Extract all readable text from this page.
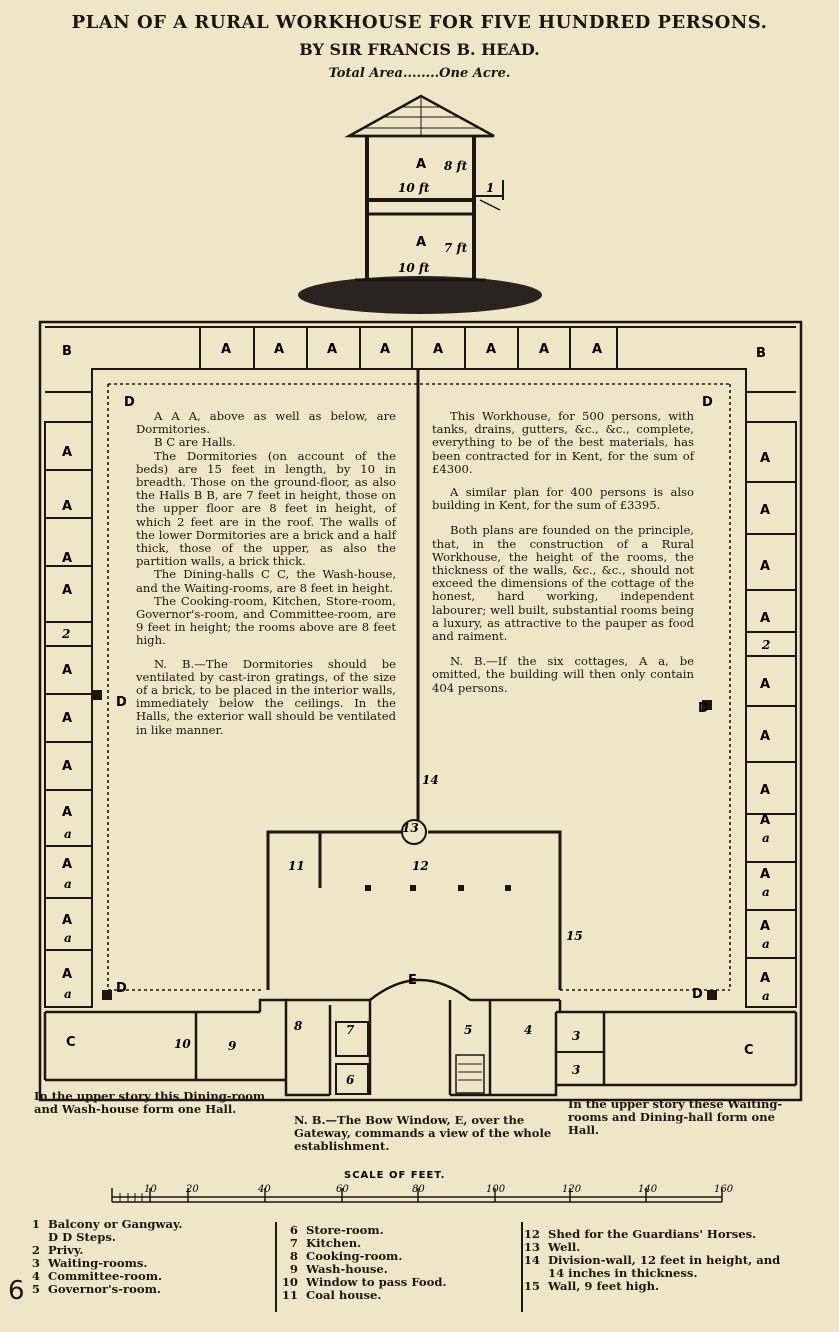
PLAN OF A RURAL WORKHOUSE FOR FIVE HUNDRED PERSONS.
BY SIR FRANCIS B. HEAD.
Total Area........One Acre.
A
A
10 ft
10 ft
8 ft
7 ft
1
B	B
A	A	A	A	A	A	A	A
A
A
A
A
2
A
A
A
A
a
A
a
A
a
A
a
A
A
A
A
2
A
A
A
A
a
A
a
A
a
A
a
D	D
D	D
D	D
14
13
11	12
15
E
C	10	9
8	7
6
5	4	3
3
C
SCALE OF FEET.
10	20	40	60	80	100	120	140	160

A A A, above as well as below, are Dormitories.

B C are Halls.

The Dormitories (on account of the beds) are 15 feet in length, by 10 in breadth. Those on the ground-floor, as also the Halls B B, are 7 feet in height, those on the upper floor are 8 feet in height, of which 2 feet are in the roof. The walls of the lower Dormitories are a brick and a half thick, those of the upper, as also the partition walls, a brick thick.

The Dining-halls C C, the Wash-house, and the Waiting-rooms, are 8 feet in height.

The Cooking-room, Kitchen, Store-room, Governor's-room, and Committee-room, are 9 feet in height; the rooms above are 8 feet high.

N. B.—The Dormitories should be ventilated by cast-iron gratings, of the size of a brick, to be placed in the interior walls, immediately below the ceilings. In the Halls, the exterior wall should be ventilated in like manner.

This Workhouse, for 500 persons, with tanks, drains, gutters, &c., &c., complete, everything to be of the best materials, has been contracted for in Kent, for the sum of £4300.

A similar plan for 400 persons is also building in Kent, for the sum of £3395.

Both plans are founded on the principle, that, in the construction of a Rural Workhouse, the height of the rooms, the thickness of the walls, &c., &c., should not exceed the dimensions of the cottage of the honest, hard working, independent labourer; well built, substantial rooms being a luxury, as attractive to the pauper as food and raiment.

N. B.—If the six cottages, A a, be omitted, the building will then only contain 404 persons.

In the upper story this Dining-room and Wash-house form one Hall.
N. B.—The Bow Window, E, over the Gateway, commands a view of the whole establishment.
In the upper story these Waiting-rooms and Dining-hall form one Hall.
1 Balcony or Gangway.
D D Steps.
2 Privy.
3 Waiting-rooms.
4 Committee-room.
5 Governor's-room.
6 Store-room.
7 Kitchen.
8 Cooking-room.
9 Wash-house.
10 Window to pass Food.
11 Coal house.
12 Shed for the Guardians' Horses.
13 Well.
14 Division-wall, 12 feet in height, and
14 inches in thickness.
15 Wall, 9 feet high.
6
